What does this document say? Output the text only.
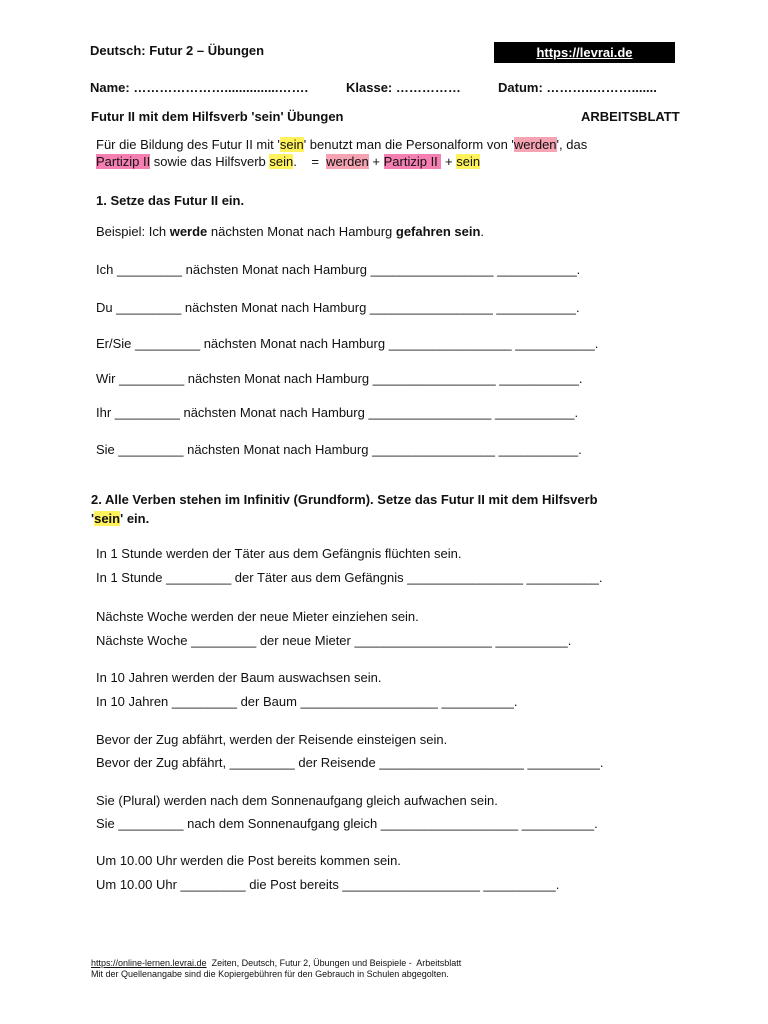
Deutsch: Futur 2 – Übungen	https://levrai.de
Name: …………………...............…….	Klasse: ……………	Datum: ………..……….......
Futur II mit dem Hilfsverb 'sein' Übungen	ARBEITSBLATT
Für die Bildung des Futur II mit 'sein' benutzt man die Personalform von 'werden', das
Partizip II sowie das Hilfsverb sein.    =  werden + Partizip II  + sein
1. Setze das Futur II ein.
Beispiel: Ich werde nächsten Monat nach Hamburg gefahren sein.
Ich _________ nächsten Monat nach Hamburg _________________ ___________.
Du _________ nächsten Monat nach Hamburg _________________ ___________.
Er/Sie _________ nächsten Monat nach Hamburg _________________ ___________.
Wir _________ nächsten Monat nach Hamburg _________________ ___________.
Ihr _________ nächsten Monat nach Hamburg _________________ ___________.
Sie _________ nächsten Monat nach Hamburg _________________ ___________.
2. Alle Verben stehen im Infinitiv (Grundform). Setze das Futur II mit dem Hilfsverb
'sein' ein.
In 1 Stunde werden der Täter aus dem Gefängnis flüchten sein.
In 1 Stunde _________ der Täter aus dem Gefängnis ________________ __________.
Nächste Woche werden der neue Mieter einziehen sein.
Nächste Woche _________ der neue Mieter ___________________ __________.
In 10 Jahren werden der Baum auswachsen sein.
In 10 Jahren _________ der Baum ___________________ __________.
Bevor der Zug abfährt, werden der Reisende einsteigen sein.
Bevor der Zug abfährt, _________ der Reisende ____________________ __________.
Sie (Plural) werden nach dem Sonnenaufgang gleich aufwachen sein.
Sie _________ nach dem Sonnenaufgang gleich ___________________ __________.
Um 10.00 Uhr werden die Post bereits kommen sein.
Um 10.00 Uhr _________ die Post bereits ___________________ __________.
https://online-lernen.levrai.de  Zeiten, Deutsch, Futur 2, Übungen und Beispiele -  Arbeitsblatt
Mit der Quellenangabe sind die Kopiergebühren für den Gebrauch in Schulen abgegolten.
